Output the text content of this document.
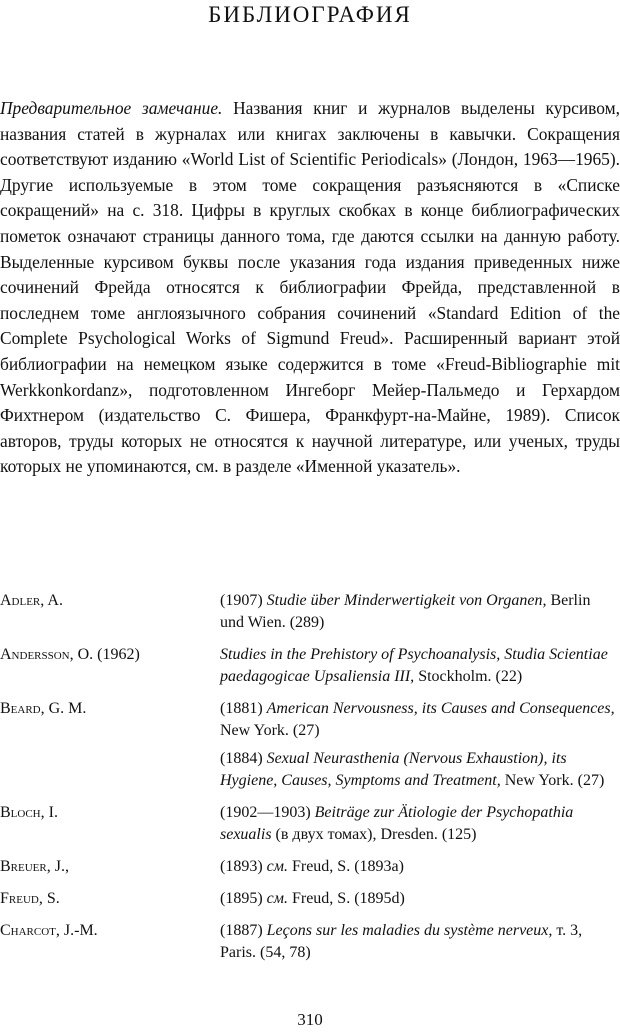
БИБЛИОГРАФИЯ

Предварительное замечание. Названия книг и журналов выделены курсивом, названия статей в журналах или книгах заключены в кавычки. Сокращения соответствуют изданию «World List of Scientific Periodicals» (Лондон, 1963—1965). Другие используемые в этом томе сокращения разъясняются в «Списке сокращений» на с. 318. Цифры в круглых скобках в конце библиографических пометок означают страницы данного тома, где даются ссылки на данную работу. Выделенные курсивом буквы после указания года издания приведенных ниже сочинений Фрейда относятся к библиографии Фрейда, представленной в последнем томе англоязычного собрания сочинений «Standard Edition of the Complete Psychological Works of Sigmund Freud». Расширенный вариант этой библиографии на немецком языке содержится в томе «Freud-Bibliographie mit Werkkonkordanz», подготовленном Ингеборг Мейер-Пальмедо и Герхардом Фихтнером (издательство С. Фишера, Франкфурт-на-Майне, 1989). Список авторов, труды которых не относятся к научной литературе, или ученых, труды которых не упоминаются, см. в разделе «Именной указатель».

Adler, A.	(1907) Studie über Minderwertigkeit von Organen, Berlin und Wien. (289)
Andersson, O. (1962)	Studies in the Prehistory of Psychoanalysis, Studia Scientiae paedagogicae Upsaliensia III, Stockholm. (22)
Beard, G. M.	(1881) American Nervousness, its Causes and Consequences, New York. (27)
(1884) Sexual Neurasthenia (Nervous Exhaustion), its Hygiene, Causes, Symptoms and Treatment, New York. (27)
Bloch, I.	(1902—1903) Beiträge zur Ätiologie der Psychopathia sexualis (в двух томах), Dresden. (125)
Breuer, J.,	(1893) см. Freud, S. (1893a)
Freud, S.	(1895) см. Freud, S. (1895d)
Charcot, J.-M.	(1887) Leçons sur les maladies du système nerveux, т. 3, Paris. (54, 78)
310
